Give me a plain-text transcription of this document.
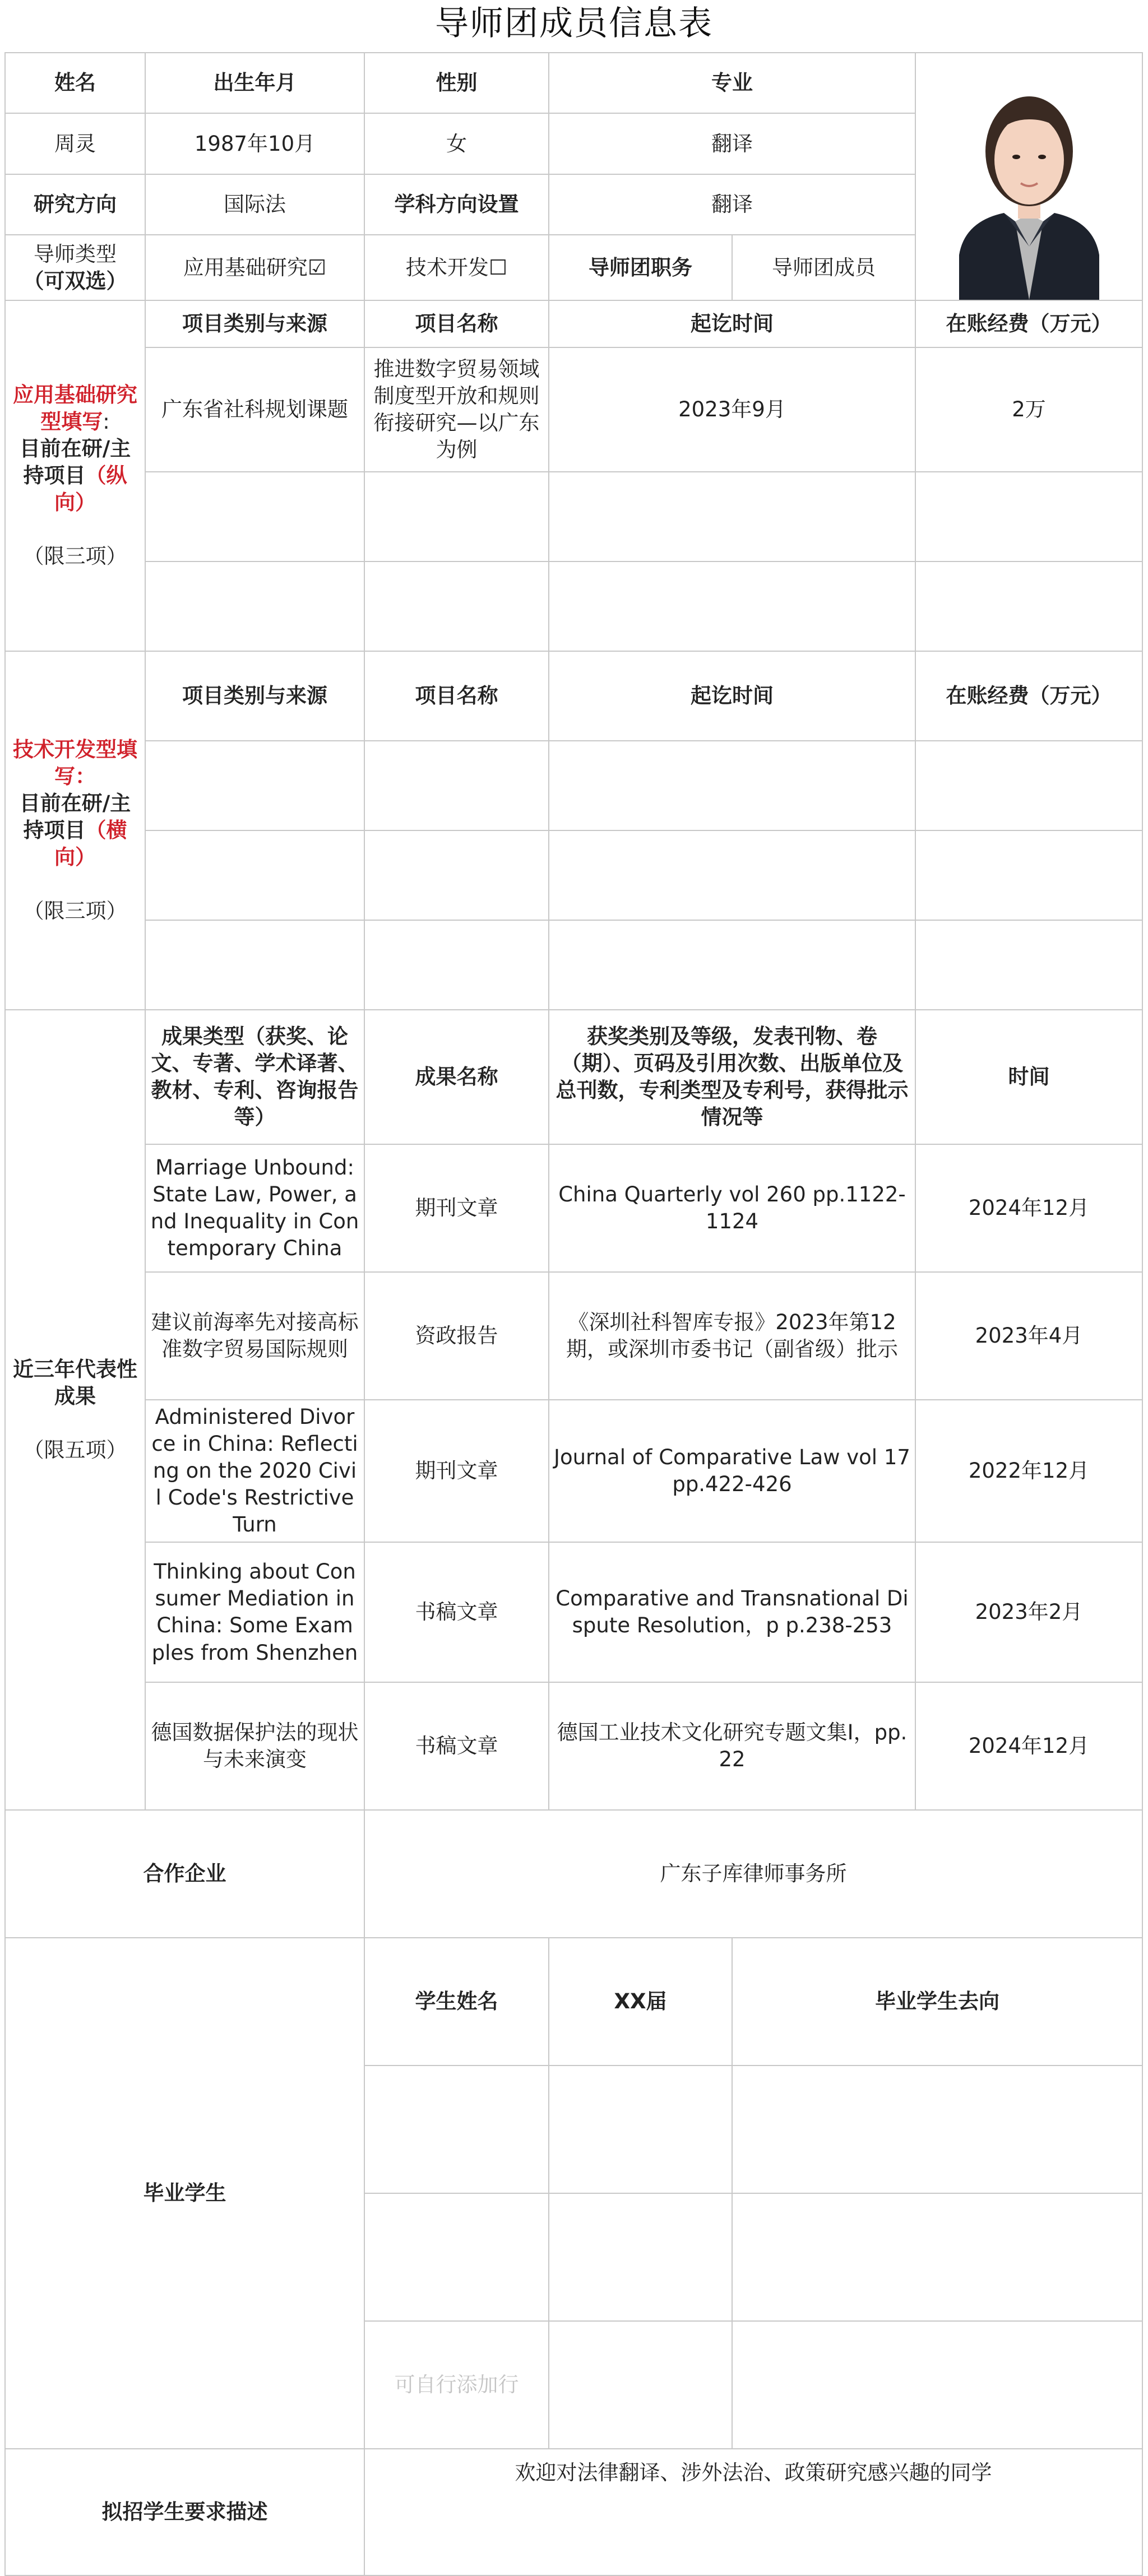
导师团成员信息表
姓名	出生年月	性别	专业	

周灵	1987年10月	女	翻译		
研究方向	国际法	学科方向设置	翻译		

导师类型
（可双选）	应用基础研究☑	技术开发☐	导师团职务	导师团成员	
应用基础研究型填写:
目前在研/主持项目（纵向）

（限三项）	项目类别与来源	项目名称	起讫时间		在账经费（万元）
	广东省社科规划课题	推进数字贸易领域制度型开放和规则衔接研究—以广东为例	2023年9月		2万

技术开发型填写：
目前在研/主持项目（横向）

（限三项）	项目类别与来源	项目名称	起讫时间		在账经费（万元）

近三年代表性成果

（限五项）	成果类型（获奖、论文、专著、学术译著、教材、专利、咨询报告等）	成果名称	获奖类别及等级，发表刊物、卷（期）、页码及引用次数、出版单位及总刊数，专利类型及专利号，获得批示情况等		时间
	Marriage Unbound: State Law, Power, and Inequality in Contemporary China	期刊文章	China Quarterly vol 260 pp.1122-1124		2024年12月
	建议前海率先对接高标准数字贸易国际规则	资政报告	《深圳社科智库专报》2023年第12期，或深圳市委书记（副省级）批示		2023年4月
	Administered Divorce in China: Reflecting on the 2020 Civil Code's Restrictive Turn	期刊文章	Journal of Comparative Law vol 17 pp.422-426		2022年12月
	Thinking about Consumer Mediation in China: Some Examples from Shenzhen	书稿文章	Comparative and Transnational Dispute Resolution，p p.238-253		2023年2月
	德国数据保护法的现状与未来演变	书稿文章	德国工业技术文化研究专题文集I，pp.22		2024年12月
合作企业		广东子库律师事务所			
毕业学生		学生姓名	XX届	毕业学生去向	

		可自行添加行			
拟招学生要求描述		欢迎对法律翻译、涉外法治、政策研究感兴趣的同学			
